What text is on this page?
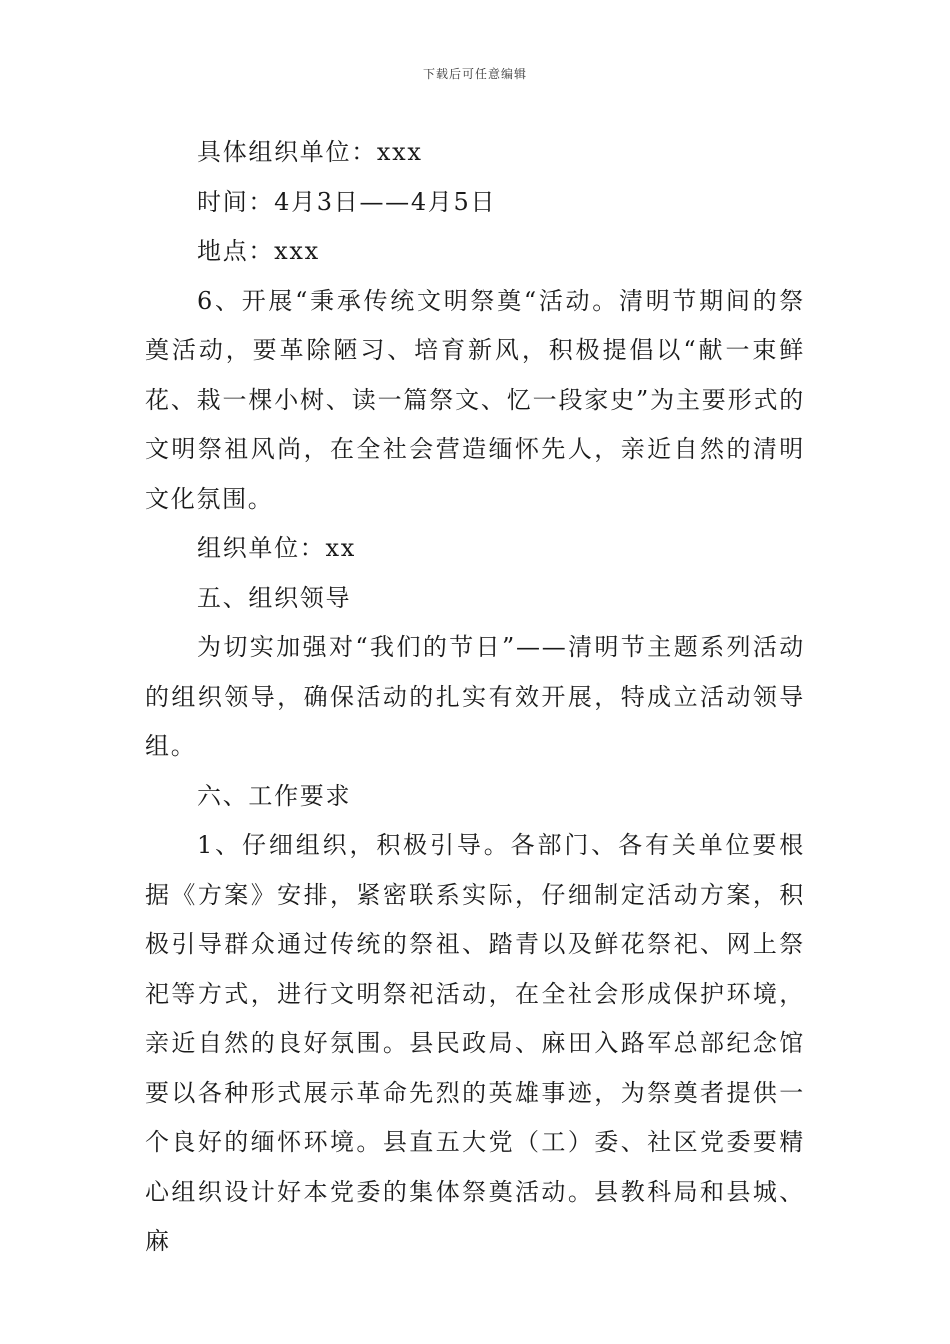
下载后可任意编辑

具体组织单位：xxx

时间：4月3日——4月5日

地点：xxx

6、开展“秉承传统文明祭奠“活动。清明节期间的祭奠活动，要革除陋习、培育新风，积极提倡以“献一束鲜花、栽一棵小树、读一篇祭文、忆一段家史”为主要形式的文明祭祖风尚，在全社会营造缅怀先人，亲近自然的清明文化氛围。

组织单位：xx

五、组织领导

为切实加强对“我们的节日”——清明节主题系列活动的组织领导，确保活动的扎实有效开展，特成立活动领导组。

六、工作要求

1、仔细组织，积极引导。各部门、各有关单位要根据《方案》安排，紧密联系实际，仔细制定活动方案，积极引导群众通过传统的祭祖、踏青以及鲜花祭祀、网上祭祀等方式，进行文明祭祀活动，在全社会形成保护环境，亲近自然的良好氛围。县民政局、麻田入路军总部纪念馆要以各种形式展示革命先烈的英雄事迹，为祭奠者提供一个良好的缅怀环境。县直五大党（工）委、社区党委要精心组织设计好本党委的集体祭奠活动。县教科局和县城、麻
